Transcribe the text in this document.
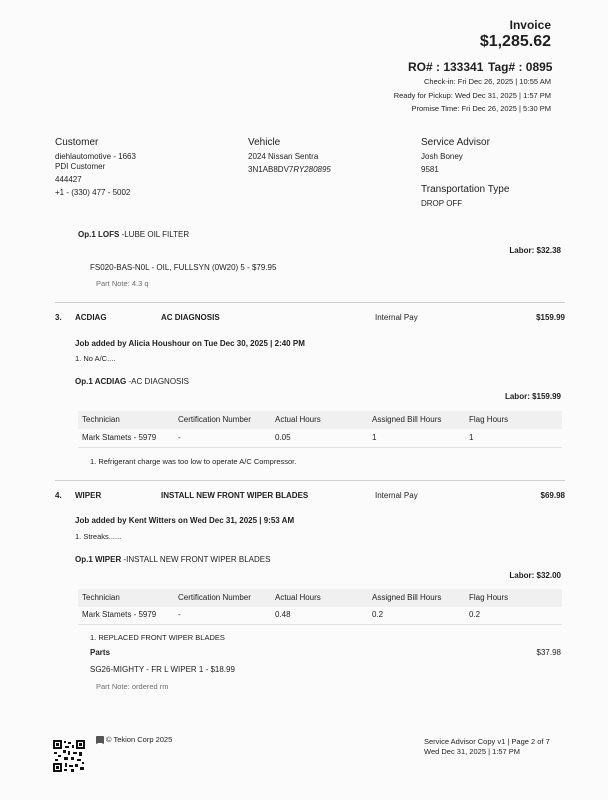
Invoice
$1,285.62
RO# : 133341 Tag# : 0895
Check-in: Fri Dec 26, 2025 | 10:55 AM
Ready for Pickup: Wed Dec 31, 2025 | 1:57 PM
Promise Time: Fri Dec 26, 2025 | 5:30 PM
Customer
diehlautomotive - 1663
PDI Customer
444427
+1 - (330) 477 - 5002
Vehicle
2024 Nissan Sentra
3N1AB8DV7RY280895
Service Advisor
Josh Boney
9581
Transportation Type
DROP OFF
Op.1 LOFS -LUBE OIL FILTER
Labor: $32.38
FS020-BAS-N0L - OIL, FULLSYN (0W20) 5 - $79.95
Part Note: 4.3 q
3. ACDIAG	AC DIAGNOSIS	Internal Pay	$159.99
Job added by Alicia Houshour on Tue Dec 30, 2025 | 2:40 PM
1. No A/C....
Op.1 ACDIAG -AC DIAGNOSIS
Labor: $159.99
Technician	Certification Number	Actual Hours	Assigned Bill Hours	Flag Hours
Mark Stamets - 5979	-	0.05	1	1
1. Refrigerant charge was too low to operate A/C Compressor.
4. WIPER	INSTALL NEW FRONT WIPER BLADES	Internal Pay	$69.98
Job added by Kent Witters on Wed Dec 31, 2025 | 9:53 AM
1. Streaks......
Op.1 WIPER -INSTALL NEW FRONT WIPER BLADES
Labor: $32.00
Technician	Certification Number	Actual Hours	Assigned Bill Hours	Flag Hours
Mark Stamets - 5979	-	0.48	0.2	0.2
1. REPLACED FRONT WIPER BLADES
Parts	$37.98
SG26-MIGHTY - FR L WIPER 1 - $18.99
Part Note: ordered rm
© Tekion Corp 2025	Service Advisor Copy v1 | Page 2 of 7
Wed Dec 31, 2025 | 1:57 PM
